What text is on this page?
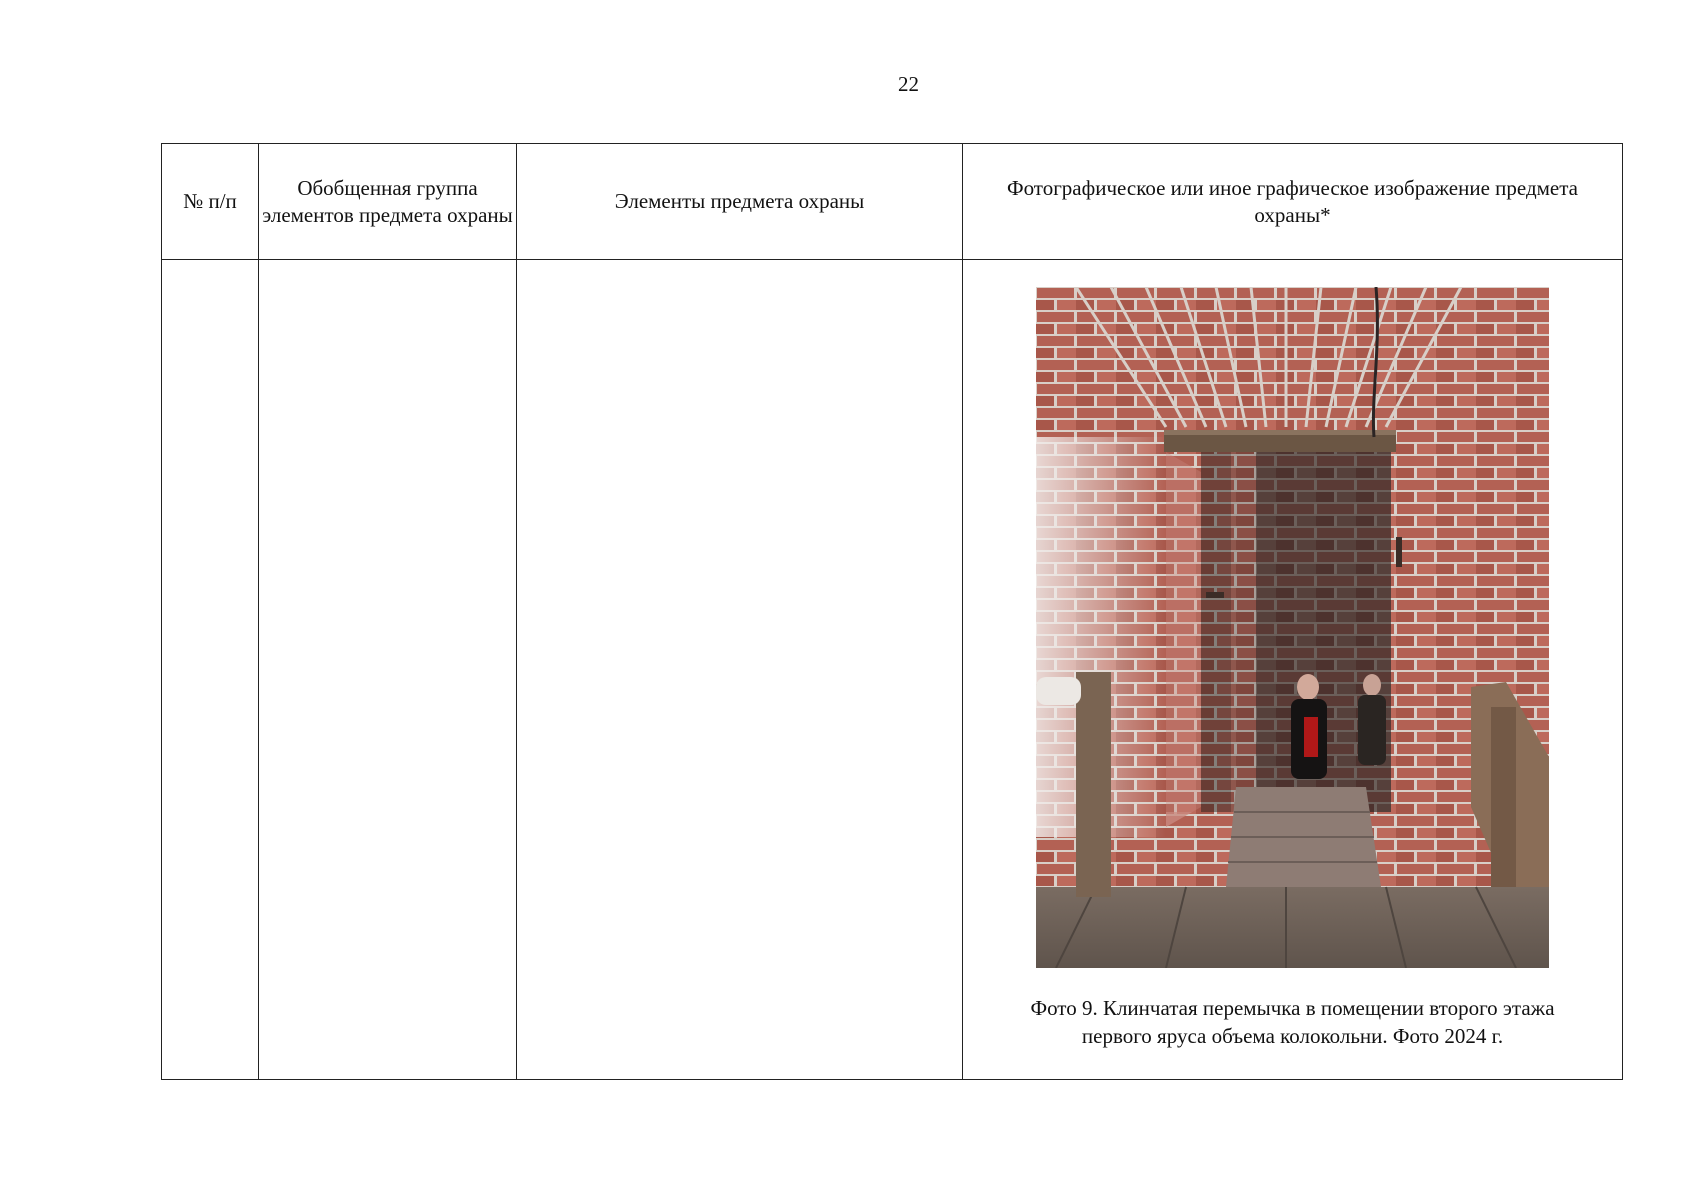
22
№ п/п	Обобщенная группа элементов предмета охраны	Элементы предмета охраны	Фотографическое или иное графическое изображение предмета охраны*

			Фото 9. Клинчатая перемычка в помещении второго этажа
первого яруса объема колокольни. Фото 2024 г.
